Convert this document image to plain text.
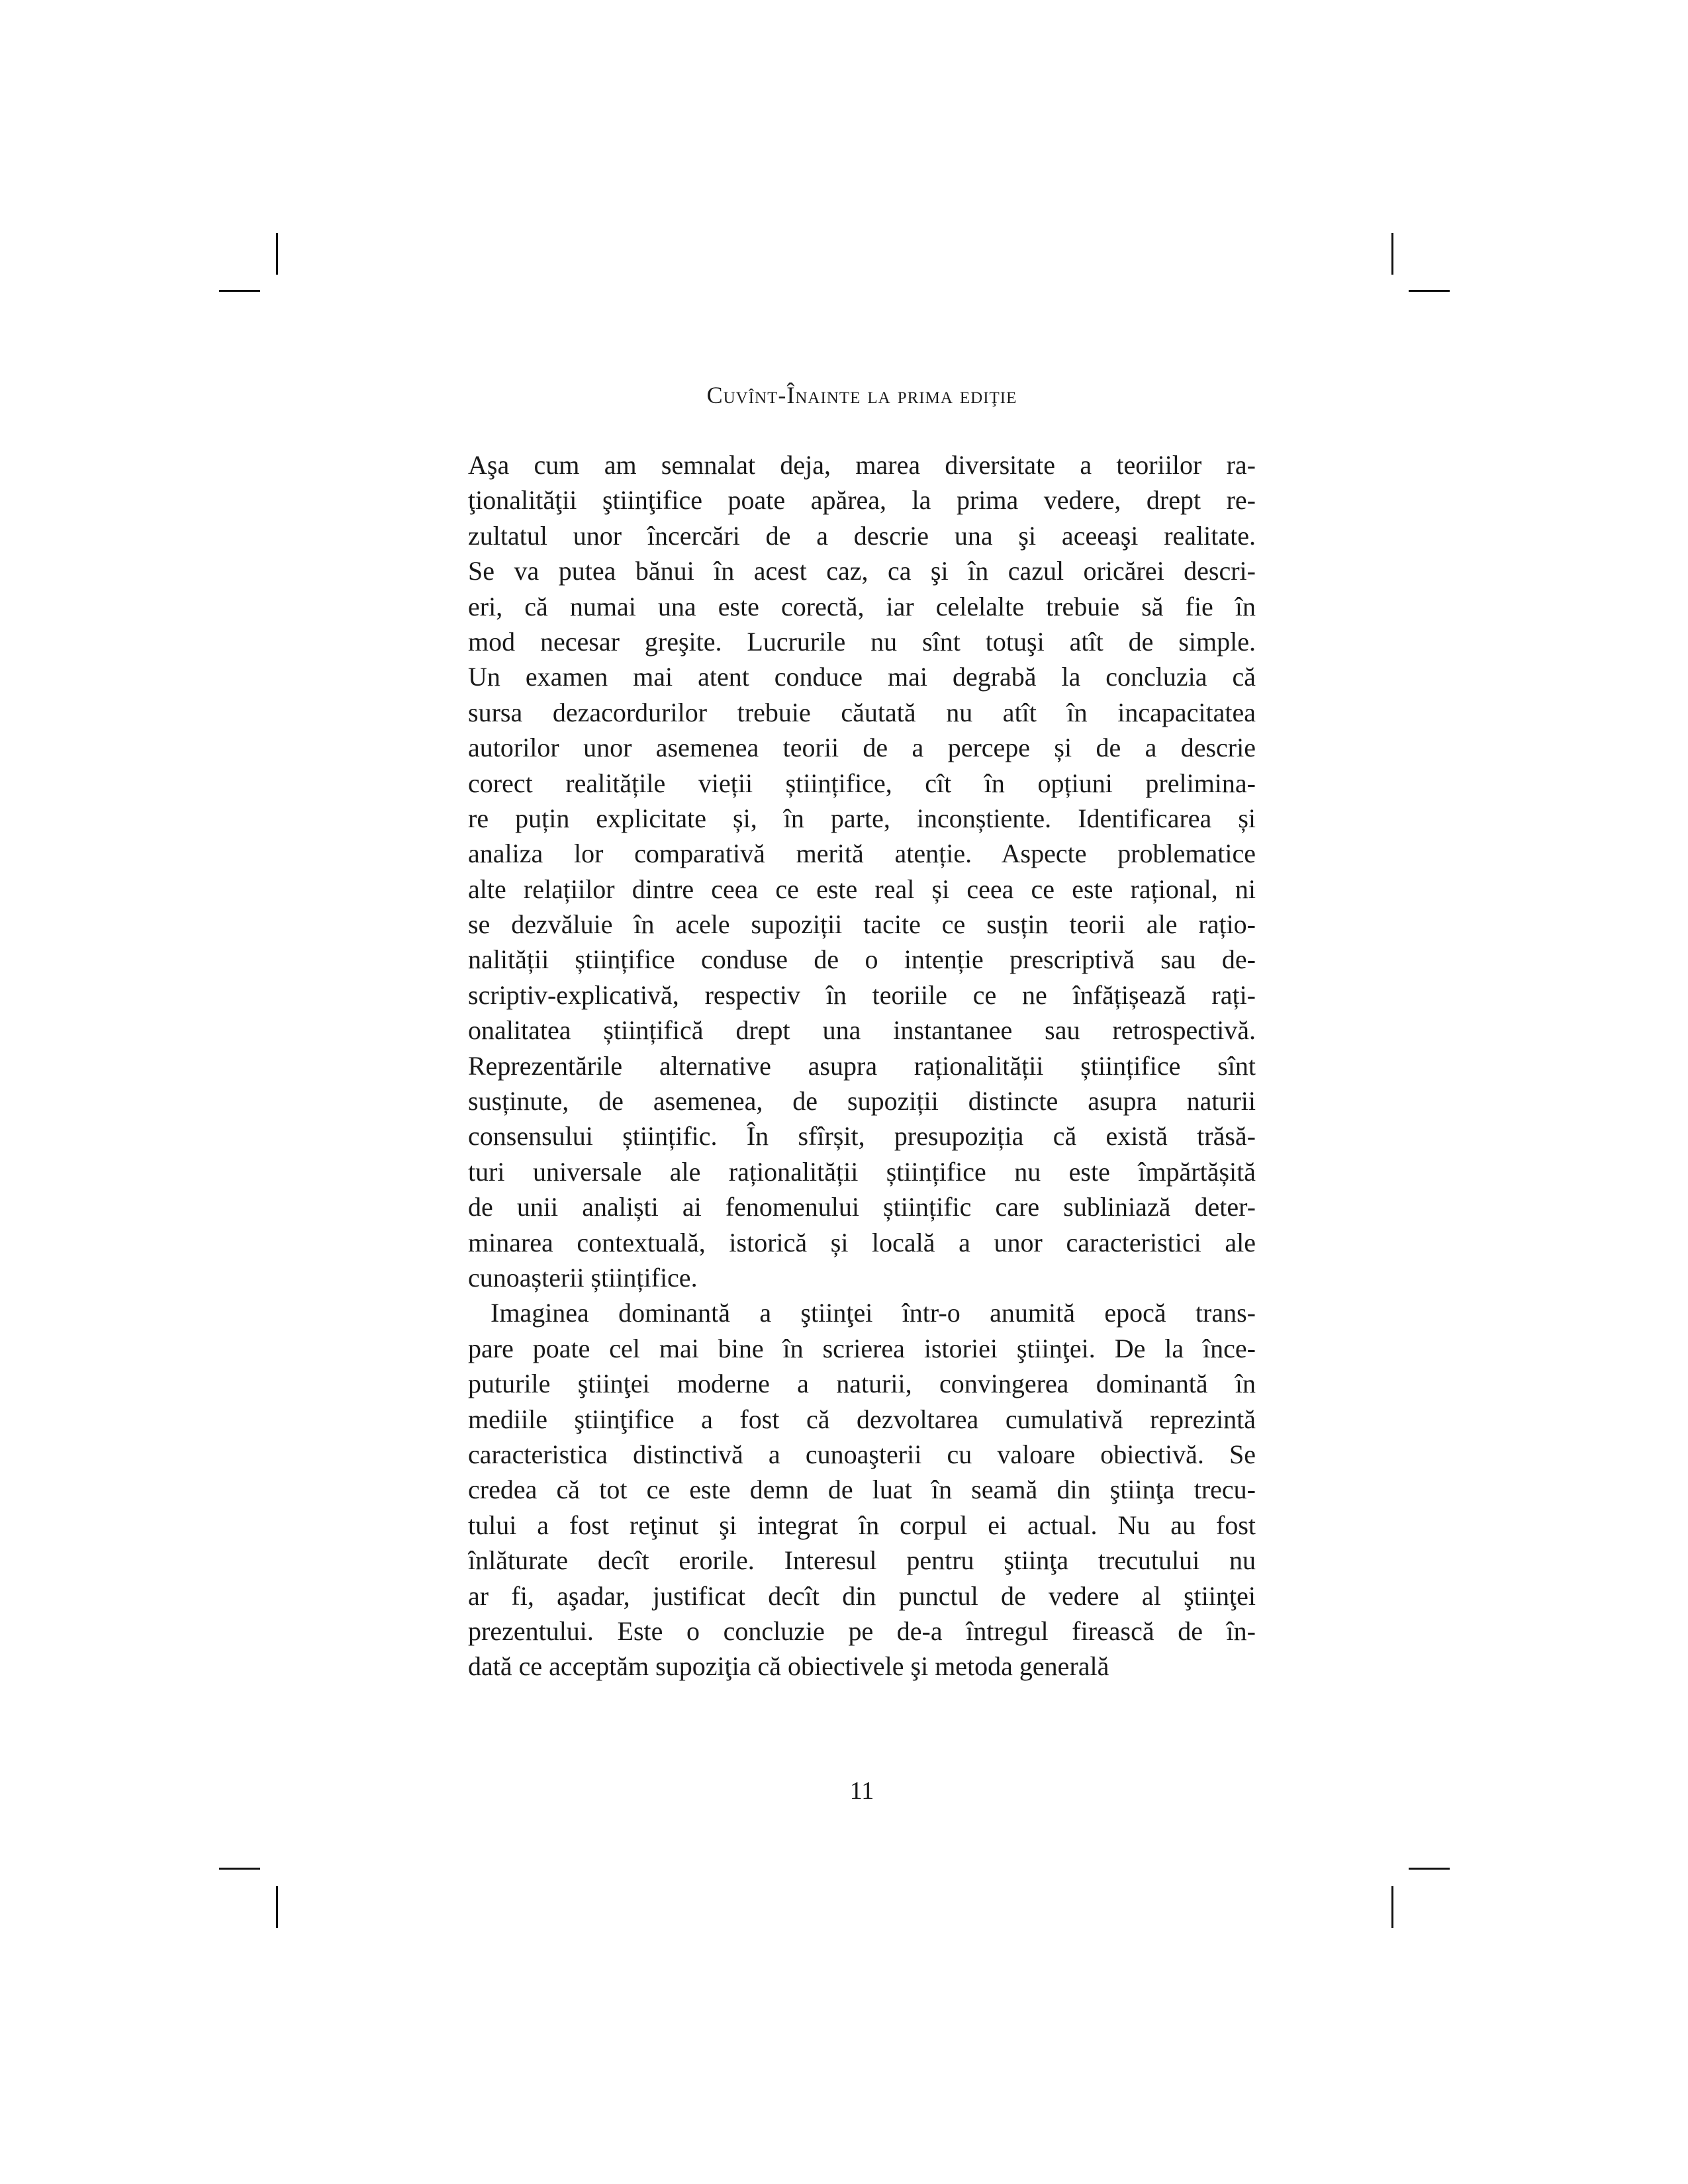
Cuvînt-Înainte la prima ediţie
Aşa cum am semnalat deja, marea diversitate a teoriilor ra-
ţionalităţii ştiinţifice poate apărea, la prima vedere, drept re-
zultatul unor încercări de a descrie una şi aceeaşi realitate.
Se va putea bănui în acest caz, ca şi în cazul oricărei descri-
eri, că numai una este corectă, iar celelalte trebuie să fie în
mod necesar greşite. Lucrurile nu sînt totuşi atît de simple.
Un examen mai atent conduce mai degrabă la concluzia că
sursa dezacordurilor trebuie căutată nu atît în incapacitatea
autorilor unor asemenea teorii de a percepe și de a descrie
corect realitățile vieții științifice, cît în opțiuni prelimina-
re puțin explicitate și, în parte, inconștiente. Identificarea și
analiza lor comparativă merită atenție. Aspecte problematice
alte relațiilor dintre ceea ce este real și ceea ce este rațional, ni
se dezvăluie în acele supoziții tacite ce susțin teorii ale rațio-
nalității științifice conduse de o intenție prescriptivă sau de-
scriptiv-explicativă, respectiv în teoriile ce ne înfățișează rați-
onalitatea științifică drept una instantanee sau retrospectivă.
Reprezentările alternative asupra raționalității științifice sînt
susținute, de asemenea, de supoziții distincte asupra naturii
consensului științific. În sfîrșit, presupoziția că există trăsă-
turi universale ale raționalității științifice nu este împărtășită
de unii analiști ai fenomenului științific care subliniază deter-
minarea contextuală, istorică și locală a unor caracteristici ale
cunoașterii științifice.
Imaginea dominantă a ştiinţei într-o anumită epocă trans-
pare poate cel mai bine în scrierea istoriei ştiinţei. De la înce-
puturile ştiinţei moderne a naturii, convingerea dominantă în
mediile ştiinţifice a fost că dezvoltarea cumulativă reprezintă
caracteristica distinctivă a cunoaşterii cu valoare obiectivă. Se
credea că tot ce este demn de luat în seamă din ştiinţa trecu-
tului a fost reţinut şi integrat în corpul ei actual. Nu au fost
înlăturate decît erorile. Interesul pentru ştiinţa trecutului nu
ar fi, aşadar, justificat decît din punctul de vedere al ştiinţei
prezentului. Este o concluzie pe de-a întregul firească de în-
dată ce acceptăm supoziţia că obiectivele şi metoda generală
11
